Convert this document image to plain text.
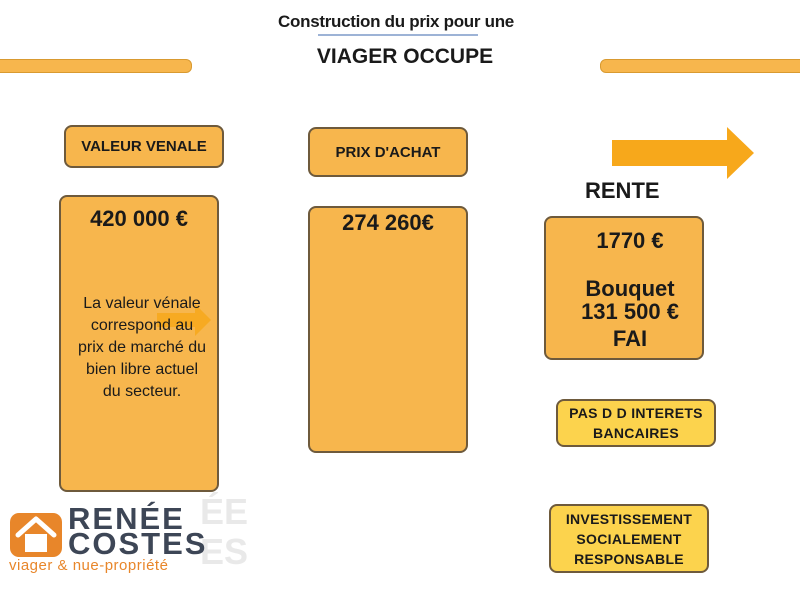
Construction du prix pour une
VIAGER OCCUPE
VALEUR VENALE
420 000 €
La valeur vénale
correspond au
prix de marché du
bien libre actuel
du secteur.
PRIX D'ACHAT
274 260€
RENTE
1770 €
Bouquet
131 500 €
FAI
PAS D D INTERETS
BANCAIRES
INVESTISSEMENT
SOCIALEMENT
RESPONSABLE
ÉE
ES
RENÉE
COSTES
viager & nue-propriété
